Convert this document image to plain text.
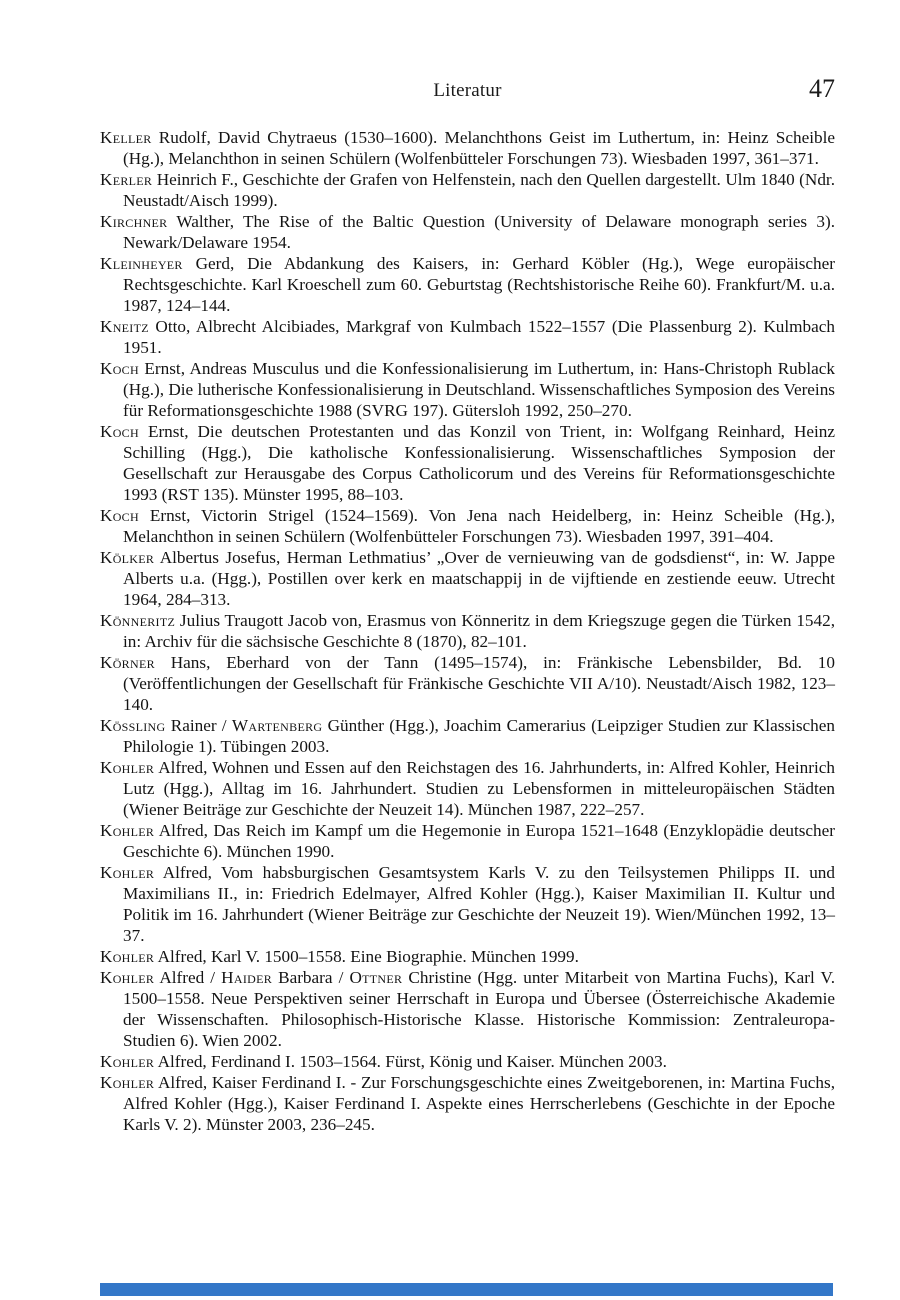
Literatur	47
Keller Rudolf, David Chytraeus (1530–1600). Melanchthons Geist im Luthertum, in: Heinz Scheible (Hg.), Melanchthon in seinen Schülern (Wolfenbütteler Forschungen 73). Wiesbaden 1997, 361–371.
Kerler Heinrich F., Geschichte der Grafen von Helfenstein, nach den Quellen dargestellt. Ulm 1840 (Ndr. Neustadt/Aisch 1999).
Kirchner Walther, The Rise of the Baltic Question (University of Delaware monograph series 3). Newark/Delaware 1954.
Kleinheyer Gerd, Die Abdankung des Kaisers, in: Gerhard Köbler (Hg.), Wege europäischer Rechtsgeschichte. Karl Kroeschell zum 60. Geburtstag (Rechtshistorische Reihe 60). Frankfurt/M. u.a. 1987, 124–144.
Kneitz Otto, Albrecht Alcibiades, Markgraf von Kulmbach 1522–1557 (Die Plassenburg 2). Kulmbach 1951.
Koch Ernst, Andreas Musculus und die Konfessionalisierung im Luthertum, in: Hans-Christoph Rublack (Hg.), Die lutherische Konfessionalisierung in Deutschland. Wissenschaftliches Symposion des Vereins für Reformationsgeschichte 1988 (SVRG 197). Gütersloh 1992, 250–270.
Koch Ernst, Die deutschen Protestanten und das Konzil von Trient, in: Wolfgang Reinhard, Heinz Schilling (Hgg.), Die katholische Konfessionalisierung. Wissenschaftliches Symposion der Gesellschaft zur Herausgabe des Corpus Catholicorum und des Vereins für Reformationsgeschichte 1993 (RST 135). Münster 1995, 88–103.
Koch Ernst, Victorin Strigel (1524–1569). Von Jena nach Heidelberg, in: Heinz Scheible (Hg.), Melanchthon in seinen Schülern (Wolfenbütteler Forschungen 73). Wiesbaden 1997, 391–404.
Kölker Albertus Josefus, Herman Lethmatius’ „Over de vernieuwing van de godsdienst“, in: W. Jappe Alberts u.a. (Hgg.), Postillen over kerk en maatschappij in de vijftiende en zestiende eeuw. Utrecht 1964, 284–313.
Könneritz Julius Traugott Jacob von, Erasmus von Könneritz in dem Kriegszuge gegen die Türken 1542, in: Archiv für die sächsische Geschichte 8 (1870), 82–101.
Körner Hans, Eberhard von der Tann (1495–1574), in: Fränkische Lebensbilder, Bd. 10 (Veröffentlichungen der Gesellschaft für Fränkische Geschichte VII A/10). Neustadt/Aisch 1982, 123–140.
Kössling Rainer / Wartenberg Günther (Hgg.), Joachim Camerarius (Leipziger Studien zur Klassischen Philologie 1). Tübingen 2003.
Kohler Alfred, Wohnen und Essen auf den Reichstagen des 16. Jahrhunderts, in: Alfred Kohler, Heinrich Lutz (Hgg.), Alltag im 16. Jahrhundert. Studien zu Lebensformen in mitteleuropäischen Städten (Wiener Beiträge zur Geschichte der Neuzeit 14). München 1987, 222–257.
Kohler Alfred, Das Reich im Kampf um die Hegemonie in Europa 1521–1648 (Enzyklopädie deutscher Geschichte 6). München 1990.
Kohler Alfred, Vom habsburgischen Gesamtsystem Karls V. zu den Teilsystemen Philipps II. und Maximilians II., in: Friedrich Edelmayer, Alfred Kohler (Hgg.), Kaiser Maximilian II. Kultur und Politik im 16. Jahrhundert (Wiener Beiträge zur Geschichte der Neuzeit 19). Wien/München 1992, 13–37.
Kohler Alfred, Karl V. 1500–1558. Eine Biographie. München 1999.
Kohler Alfred / Haider Barbara / Ottner Christine (Hgg. unter Mitarbeit von Martina Fuchs), Karl V. 1500–1558. Neue Perspektiven seiner Herrschaft in Europa und Übersee (Österreichische Akademie der Wissenschaften. Philosophisch-Historische Klasse. Historische Kommission: Zentraleuropa-Studien 6). Wien 2002.
Kohler Alfred, Ferdinand I. 1503–1564. Fürst, König und Kaiser. München 2003.
Kohler Alfred, Kaiser Ferdinand I. - Zur Forschungsgeschichte eines Zweitgeborenen, in: Martina Fuchs, Alfred Kohler (Hgg.), Kaiser Ferdinand I. Aspekte eines Herrscherlebens (Geschichte in der Epoche Karls V. 2). Münster 2003, 236–245.
